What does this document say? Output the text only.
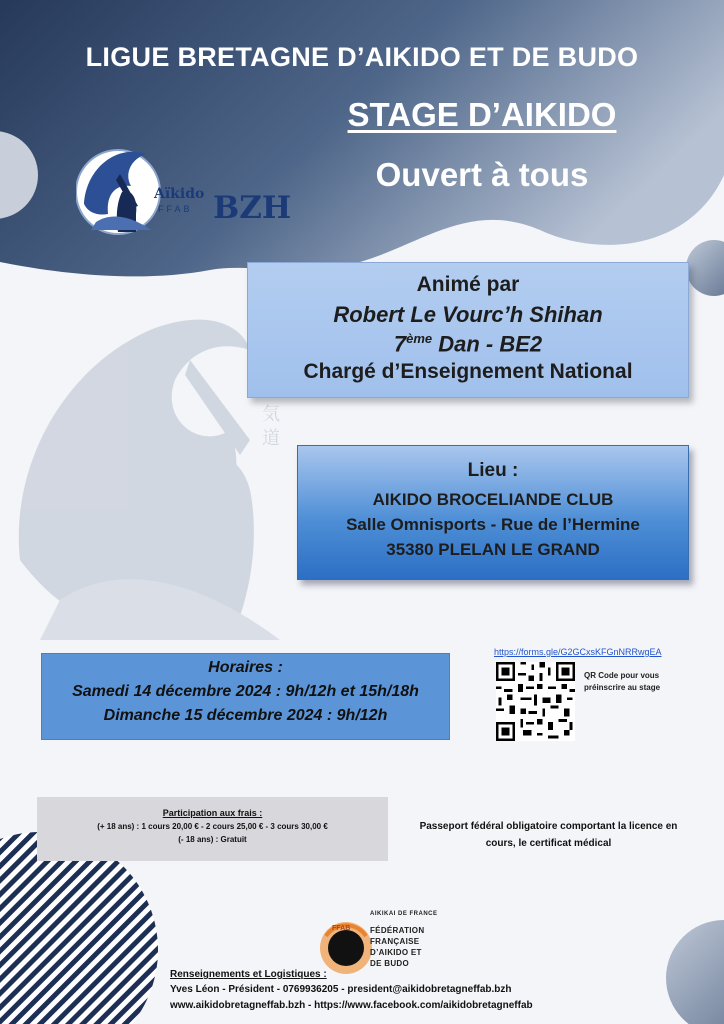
気
道
LIGUE BRETAGNE D’AIKIDO ET DE BUDO
STAGE D’AIKIDO
Ouvert à tous
Aïkido
FFAB BZH
Animé par
Robert Le Vourc’h Shihan
7ème Dan - BE2
Chargé d’Enseignement National
Lieu :
AIKIDO BROCELIANDE CLUB
Salle Omnisports - Rue de l’Hermine
35380 PLELAN LE GRAND
Horaires :
Samedi 14 décembre 2024 : 9h/12h et 15h/18h
Dimanche 15 décembre 2024 : 9h/12h
https://forms.gle/G2GCxsKFGnNRRwgEA
QR Code pour vous
préinscrire au stage
Participation aux frais :
(+ 18 ans) : 1 cours 20,00 € - 2 cours 25,00 € - 3 cours 30,00 €
(- 18 ans) : Gratuit
Passeport fédéral obligatoire comportant la licence en cours, le certificat médical
FFAB
AIKIKAI DE FRANCE
FÉDÉRATION
FRANÇAISE
D’AIKIDO ET
DE BUDO
Renseignements et Logistiques :
Yves Léon - Président - 0769936205 - president@aikidobretagneffab.bzh
www.aikidobretagneffab.bzh - https://www.facebook.com/aikidobretagneffab
